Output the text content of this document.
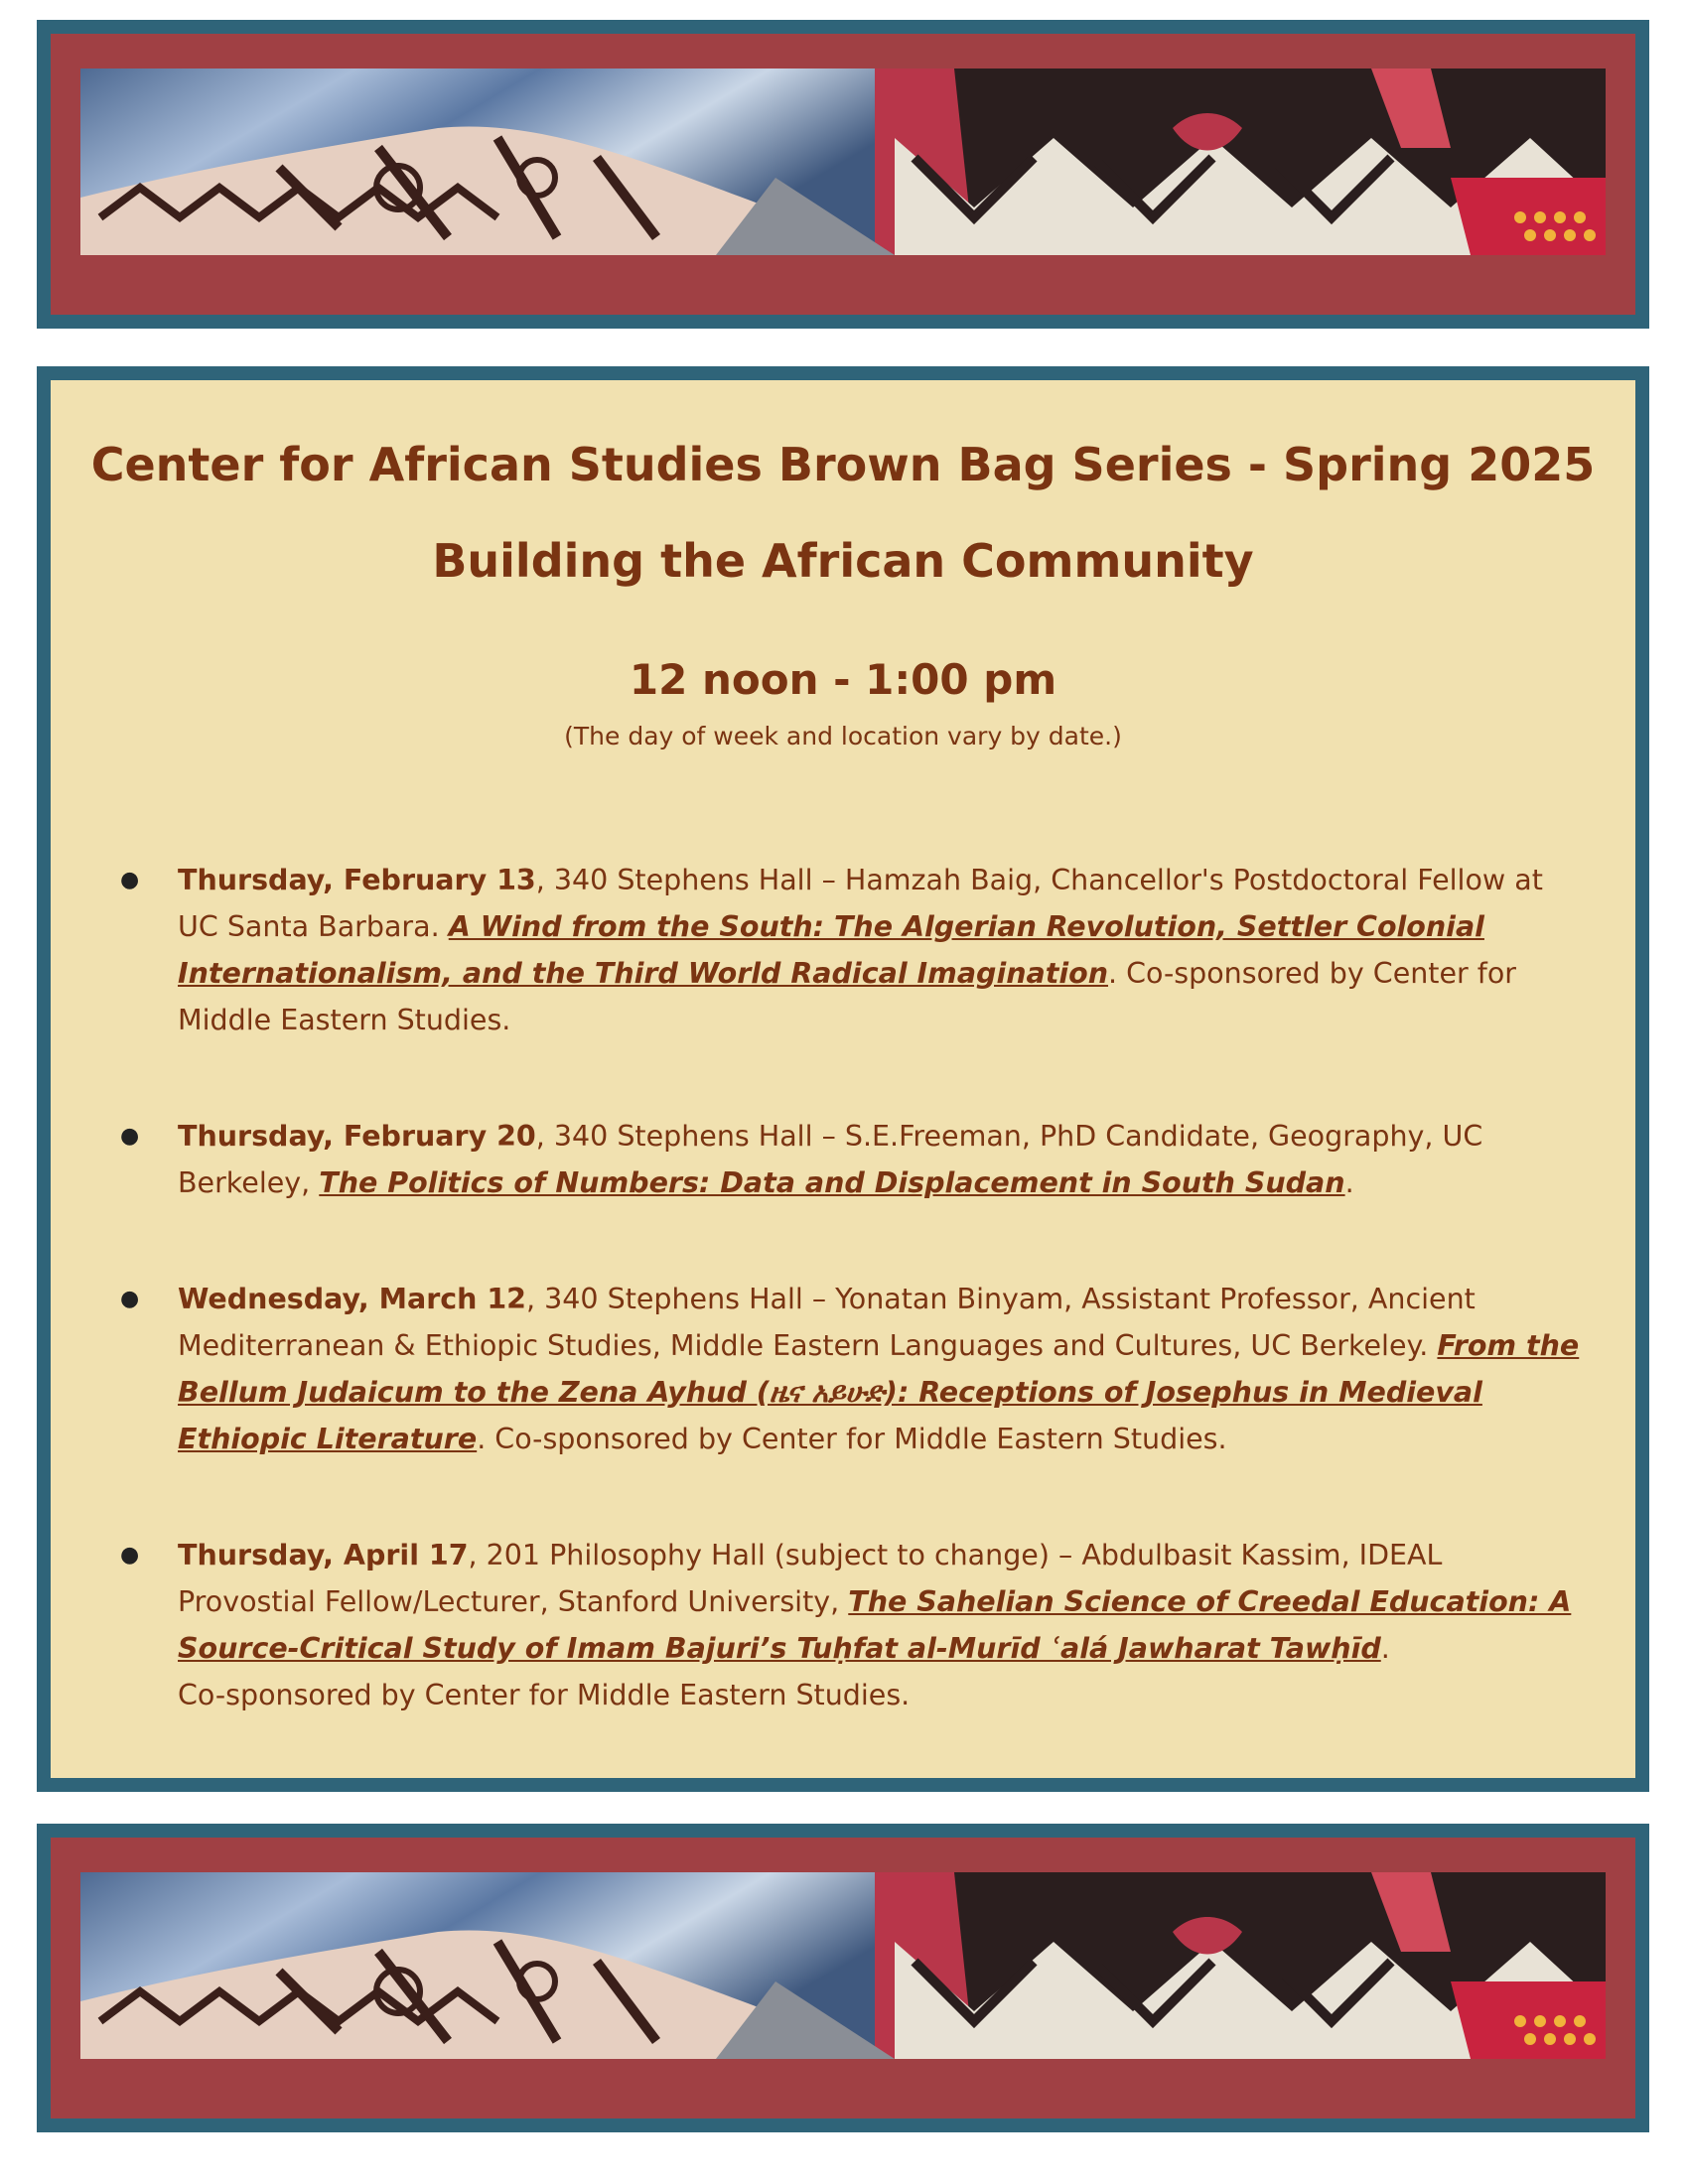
Center for African Studies Brown Bag Series - Spring 2025
Building the African Community
12 noon - 1:00 pm
(The day of week and location vary by date.)
● Thursday, February 13, 340 Stephens Hall – Hamzah Baig, Chancellor's Postdoctoral Fellow at UC Santa Barbara. A Wind from the South: The Algerian Revolution, Settler Colonial Internationalism, and the Third World Radical Imagination. Co-sponsored by Center for Middle Eastern Studies.
● Thursday, February 20, 340 Stephens Hall – S.E.Freeman, PhD Candidate, Geography, UC Berkeley, The Politics of Numbers: Data and Displacement in South Sudan.
● Wednesday, March 12, 340 Stephens Hall – Yonatan Binyam, Assistant Professor, Ancient Mediterranean & Ethiopic Studies, Middle Eastern Languages and Cultures, UC Berkeley. From the Bellum Judaicum to the Zena Ayhud (ዜና አይሁድ): Receptions of Josephus in Medieval Ethiopic Literature. Co-sponsored by Center for Middle Eastern Studies.
● Thursday, April 17, 201 Philosophy Hall (subject to change) – Abdulbasit Kassim, IDEAL Provostial Fellow/Lecturer, Stanford University, The Sahelian Science of Creedal Education: A Source-Critical Study of Imam Bajuri’s Tuḥfat al-Murīd ʿalá Jawharat Tawḥīd.
Co-sponsored by Center for Middle Eastern Studies.
